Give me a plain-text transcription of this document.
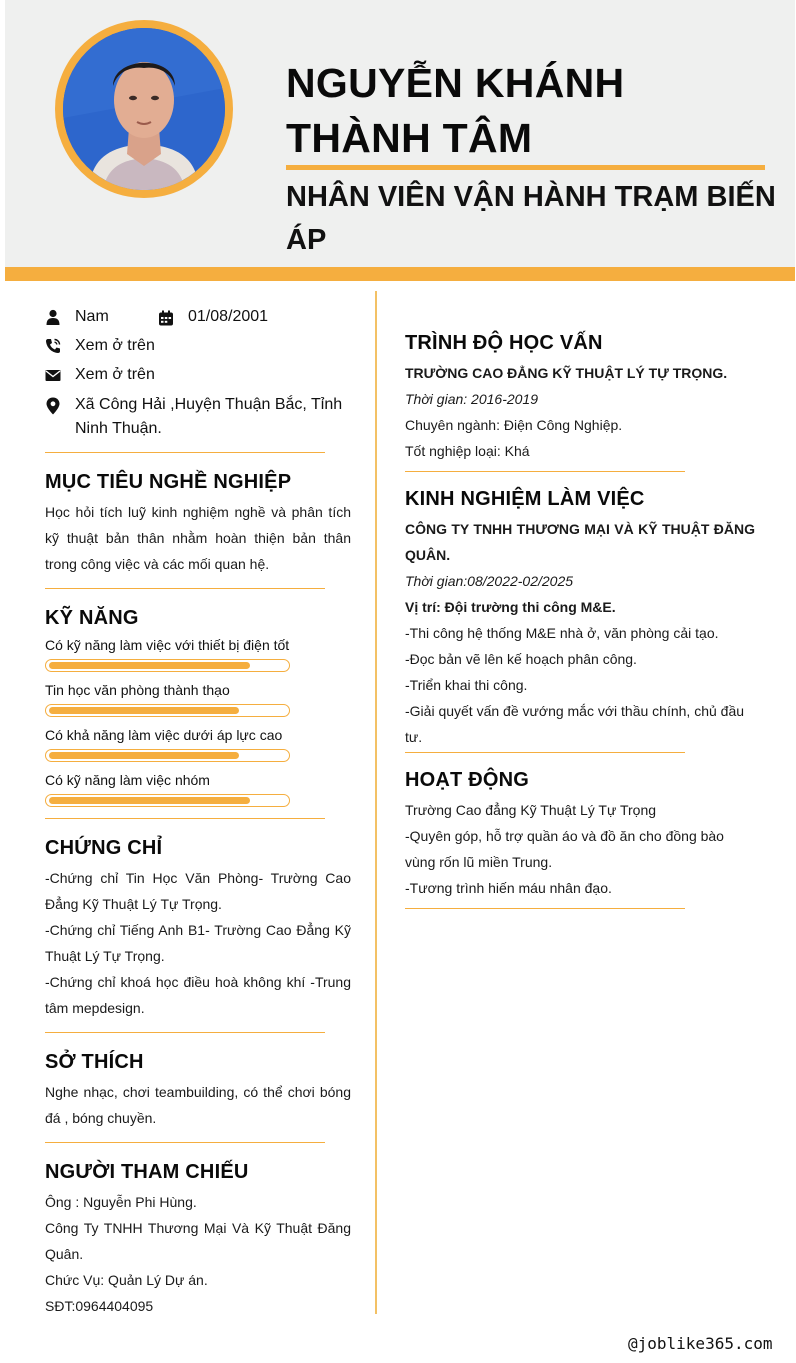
NGUYỄN KHÁNH THÀNH TÂM
NHÂN VIÊN VẬN HÀNH TRẠM BIẾN ÁP
Nam	01/08/2001
Xem ở trên
Xem ở trên
Xã Công Hải ,Huyện Thuận Bắc, Tỉnh Ninh Thuận.
MỤC TIÊU NGHỀ NGHIỆP

Học hỏi tích luỹ kinh nghiệm nghề và phân tích kỹ thuật bản thân nhằm hoàn thiện bản thân trong công việc và các mối quan hệ.

KỸ NĂNG
Có kỹ năng làm việc với thiết bị điện tốt
Tin học văn phòng thành thạo
Có khả năng làm việc dưới áp lực cao
Có kỹ năng làm việc nhóm
CHỨNG CHỈ

-Chứng chỉ Tin Học Văn Phòng- Trường Cao Đẳng Kỹ Thuật Lý Tự Trọng.

-Chứng chỉ Tiếng Anh B1- Trường Cao Đẳng Kỹ Thuật Lý Tự Trọng.

-Chứng chỉ khoá học điều hoà không khí -Trung tâm mepdesign.

SỞ THÍCH

Nghe nhạc, chơi teambuilding, có thể chơi bóng đá , bóng chuyền.

NGƯỜI THAM CHIẾU

Ông : Nguyễn Phi Hùng.

Công Ty TNHH Thương Mại Và Kỹ Thuật Đăng Quân.

Chức Vụ: Quản Lý Dự án.

SĐT:0964404095

TRÌNH ĐỘ HỌC VẤN

TRƯỜNG CAO ĐẲNG KỸ THUẬT LÝ TỰ TRỌNG.

Thời gian: 2016-2019

Chuyên ngành: Điện Công Nghiệp.

Tốt nghiệp loại: Khá

KINH NGHIỆM LÀM VIỆC

CÔNG TY TNHH THƯƠNG MẠI VÀ KỸ THUẬT ĐĂNG QUÂN.

Thời gian:08/2022-02/2025

Vị trí: Đội trường thi công M&E.

-Thi công hệ thống M&E nhà ở, văn phòng cải tạo.

-Đọc bản vẽ lên kế hoạch phân công.

-Triển khai thi công.

-Giải quyết vấn đề vướng mắc với thầu chính, chủ đầu tư.

HOẠT ĐỘNG

Trường Cao đẳng Kỹ Thuật Lý Tự Trọng

-Quyên góp, hỗ trợ quần áo và đồ ăn cho đồng bào vùng rốn lũ miền Trung.

-Tương trình hiến máu nhân đạo.

@joblike365.com
